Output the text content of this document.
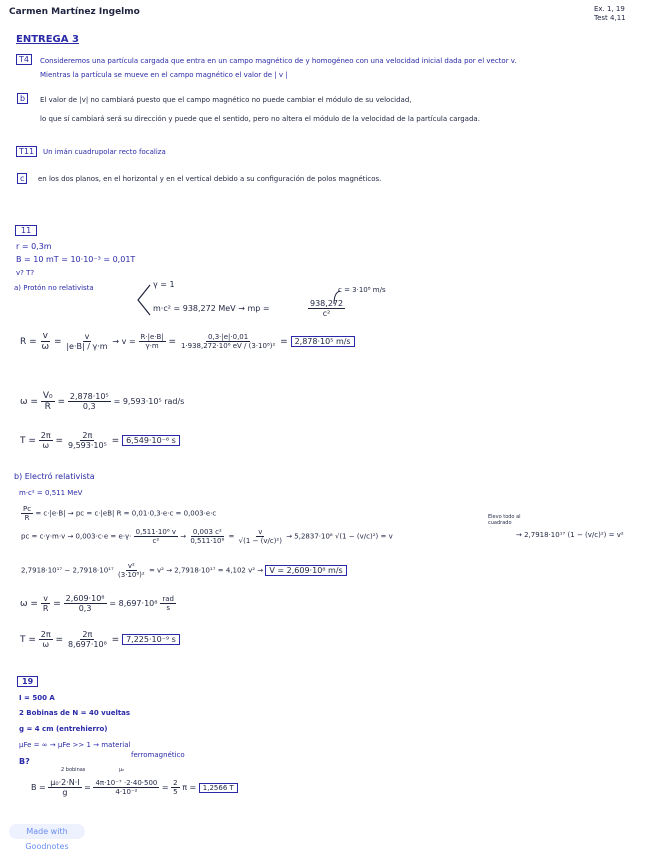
Carmen Martínez Ingelmo	Ex. 1, 19
Test 4,11
ENTREGA 3
T4	Consideremos una partícula cargada que entra en un campo magnético de y homogéneo con una velocidad inicial dada por el vector v.
Mientras la partícula se mueve en el campo magnético el valor de | v |
b	El valor de |v| no cambiará puesto que el campo magnético no puede cambiar el módulo de su velocidad,
lo que sí cambiará será su dirección y puede que el sentido, pero no altera el módulo de la velocidad de la partícula cargada.
T11	Un imán cuadrupolar recto focaliza
c	en los dos planos, en el horizontal y en el vertical debido a su configuración de polos magnéticos.
11
r = 0,3m
B = 10 mT = 10·10⁻³ = 0,01T
v? T?
a) Protón no relativista	γ = 1
m·c² = 938,272 MeV → mp =	$\frac{938,272}{\text{c²}}$
c = 3·10⁸ m/s
$R = \frac{v}{\omega} = \frac{v}{|e\cdot B| / \gamma\cdot m} \to v = \frac{R\cdot|e\cdot B|}{\gamma\cdot m} = \frac{0,3\cdot|e|\cdot 0,01}{\text{1·938,272·10⁶ eV / (3·10⁸)²}} = 2,878\cdot 10^5$ m/s
$\omega = \frac{\text{V₀}}{R} = \frac{\text{2,878·10⁵}}{0,3} = 9,593\cdot 10^5$ rad/s
$T = \frac{2\pi}{\omega} = \frac{2\pi}{\text{9,593·10⁵}} = 6,549\cdot 10^{-6}$ s
b) Electró relativista
m·c² = 0,511 MeV
$\frac{Pc}{R} = c\cdot|e\cdot B|$ → pc = c·|eB| R = 0,01·0,3·e·c = 0,003·e·c
pc = $c\cdot\gamma\cdot m\cdot v \to 0,003\cdot c\cdot e = e\cdot\gamma\cdot \frac{\text{0,511·10⁶ v}}{\text{c²}} \to \frac{\text{0,003 c²}}{\text{0,511·10⁶}} = \frac{v}{\text{√(1 − (v/c)²)}} \to 5,2837\cdot 10^8$ √(1 − (v/c)²) = v
Elevo todo al cuadrado
→ 2,7918·10¹⁷ (1 − (v/c)²) = v²
$2,7918\cdot 10^{17} - 2,7918\cdot 10^{17} \frac{\text{v²}}{\text{(3·10⁸)²}} = v^2 \to 2,7918\cdot 10^{17} = 4,102$ v² → V = 2,609·10⁸ m/s
$\omega = \frac{v}{R} = \frac{\text{2,609·10⁸}}{0,3} = 8,697\cdot 10^8 \frac{\text{rad}}{s}$
$T = \frac{2\pi}{\omega} = \frac{2\pi}{\text{8,697·10⁸}} = 7,225\cdot 10^{-9}$ s
19
I = 500 A
2 Bobinas de N = 40 vueltas
g = 4 cm (entrehierro)
μFe = ∞ → μFe >> 1 → material
ferromagnético
B?
2 bobinas	μ₀
$B = \frac{\text{μ₀·2·N·I}}{g} = \frac{\text{4π·10⁻⁷ ·2·40·500}}{\text{4·10⁻²}} = \frac{2}{5}$ π = 1,2566 T
Made with Goodnotes
